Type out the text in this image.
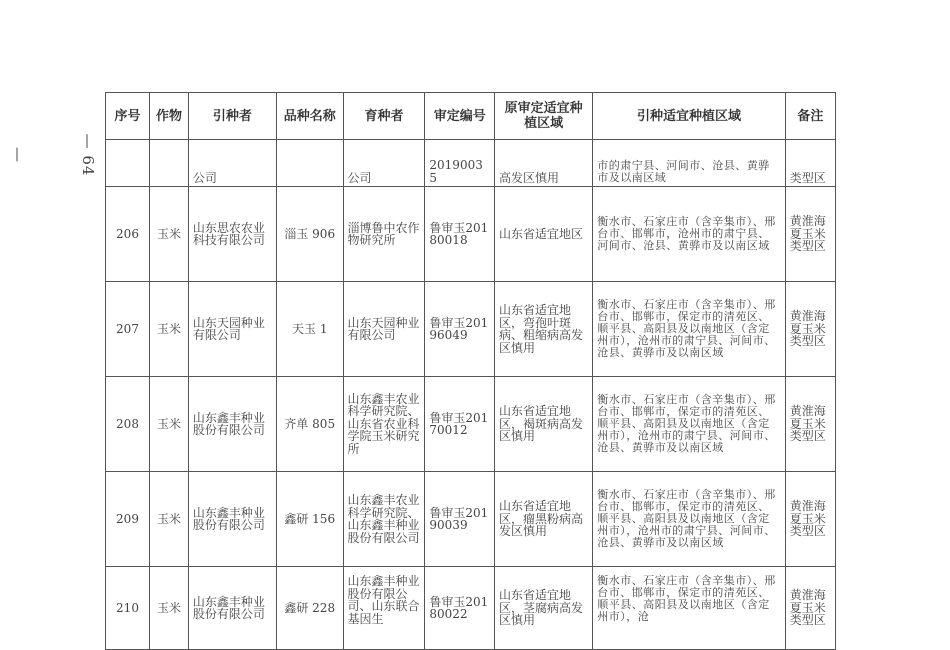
— 64 —
序号	作物	引种者	品种名称	育种者	审定编号	原审定适宜种植区域	引种适宜种植区域	备注
		公司		公司	20190035	高发区慎用	市的肃宁县、河间市、沧县、黄骅市及以南区域	类型区
206	玉米	山东思农农业科技有限公司	淄玉 906	淄博鲁中农作物研究所	鲁审玉20180018	山东省适宜地区	衡水市、石家庄市（含辛集市）、邢台市、邯郸市，沧州市的肃宁县、河间市、沧县、黄骅市及以南区域	黄淮海夏玉米类型区
207	玉米	山东天园种业有限公司	天玉 1	山东天园种业有限公司	鲁审玉20196049	山东省适宜地区，弯孢叶斑病、粗缩病高发区慎用	衡水市、石家庄市（含辛集市）、邢台市、邯郸市，保定市的清苑区、顺平县、高阳县及以南地区（含定州市），沧州市的肃宁县、河间市、沧县、黄骅市及以南区域	黄淮海夏玉米类型区
208	玉米	山东鑫丰种业股份有限公司	齐单 805	山东鑫丰农业科学研究院、山东省农业科学院玉米研究所	鲁审玉20170012	山东省适宜地区，褐斑病高发区慎用	衡水市、石家庄市（含辛集市）、邢台市、邯郸市，保定市的清苑区、顺平县、高阳县及以南地区（含定州市），沧州市的肃宁县、河间市、沧县、黄骅市及以南区域	黄淮海夏玉米类型区
209	玉米	山东鑫丰种业股份有限公司	鑫研 156	山东鑫丰农业科学研究院、山东鑫丰种业股份有限公司	鲁审玉20190039	山东省适宜地区，瘤黑粉病高发区慎用	衡水市、石家庄市（含辛集市）、邢台市、邯郸市，保定市的清苑区、顺平县、高阳县及以南地区（含定州市），沧州市的肃宁县、河间市、沧县、黄骅市及以南区域	黄淮海夏玉米类型区
210	玉米	山东鑫丰种业股份有限公司	鑫研 228	山东鑫丰种业股份有限公司、山东联合基因生	鲁审玉20180022	山东省适宜地区，茎腐病高发区慎用	衡水市、石家庄市（含辛集市）、邢台市、邯郸市，保定市的清苑区、顺平县、高阳县及以南地区（含定州市），沧	黄淮海夏玉米类型区
